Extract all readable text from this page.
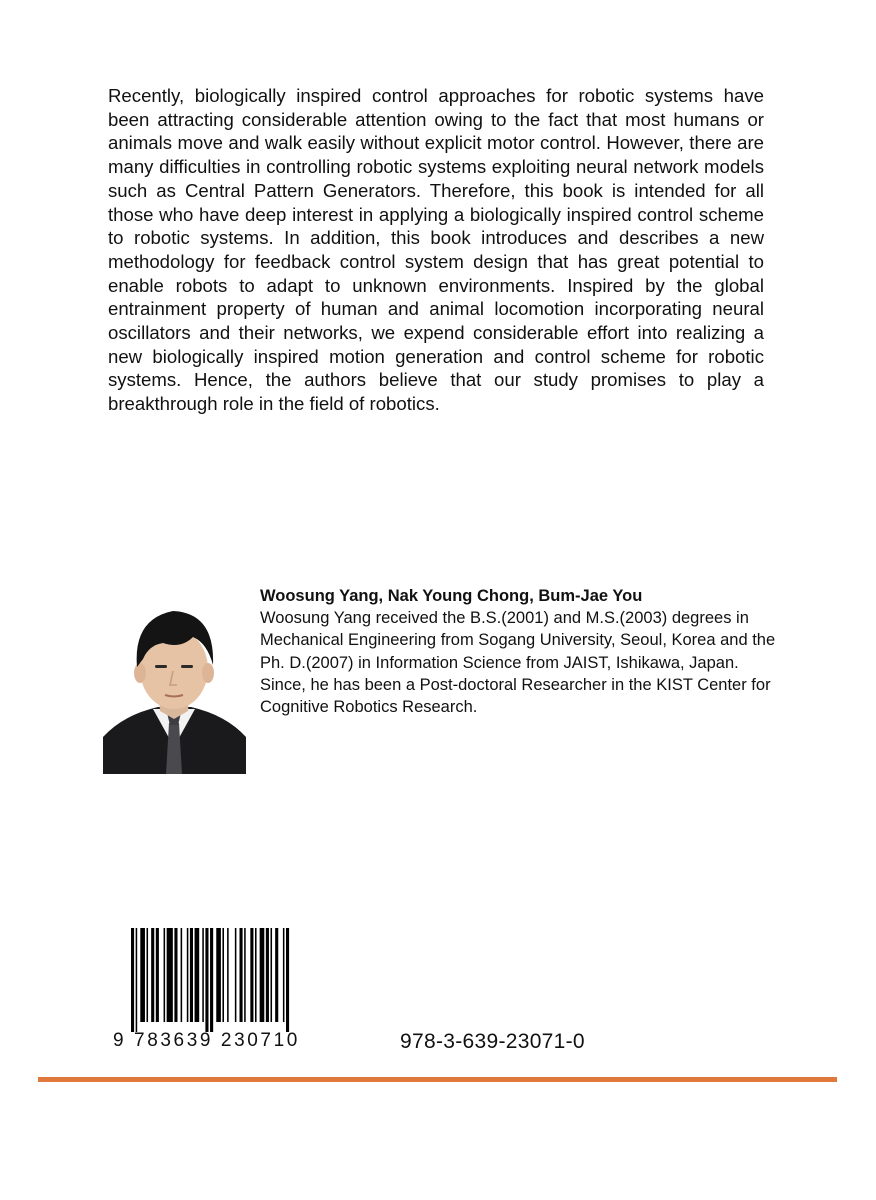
Recently, biologically inspired control approaches for robotic systems have been attracting considerable attention owing to the fact that most humans or animals move and walk easily without explicit motor control. However, there are many difficulties in controlling robotic systems exploiting neural network models such as Central Pattern Generators. Therefore, this book is intended for all those who have deep interest in applying a biologically inspired control scheme to robotic systems. In addition, this book introduces and describes a new methodology for feedback control system design that has great potential to enable robots to adapt to unknown environments. Inspired by the global entrainment property of human and animal locomotion incorporating neural oscillators and their networks, we expend considerable effort into realizing a new biologically inspired motion generation and control scheme for robotic systems. Hence, the authors believe that our study promises to play a breakthrough role in the field of robotics.

Woosung Yang, Nak Young Chong, Bum-Jae You

Woosung Yang received the B.S.(2001) and M.S.(2003) degrees in Mechanical Engineering from Sogang University, Seoul, Korea and the Ph. D.(2007) in Information Science from JAIST, Ishikawa, Japan. Since, he has been a Post-doctoral Researcher in the KIST Center for Cognitive Robotics Research.

9 783639 230710	978-3-639-23071-0
